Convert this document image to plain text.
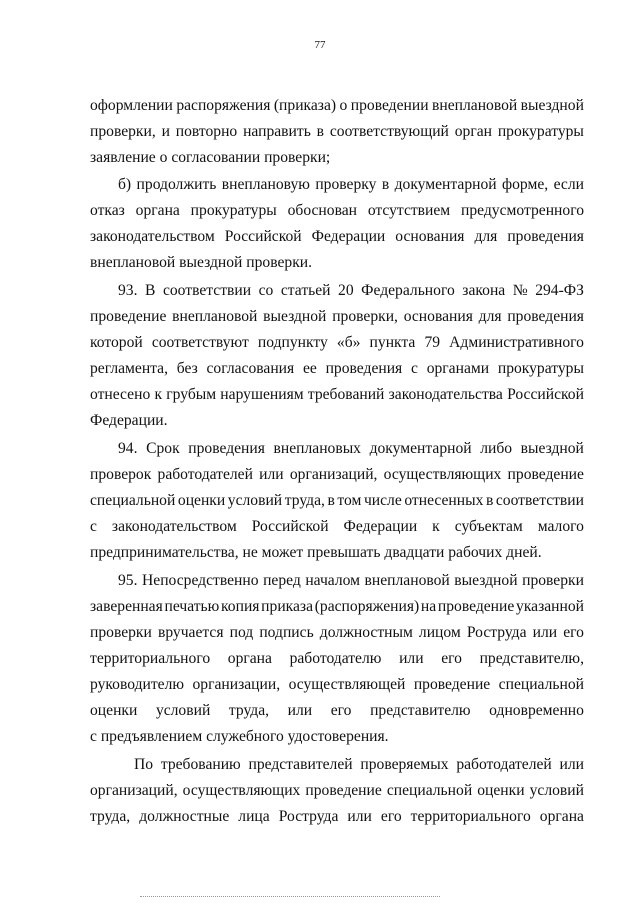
77
оформлении распоряжения (приказа) о проведении внеплановой выездной
проверки, и повторно направить в соответствующий орган прокуратуры
заявление о согласовании проверки;
б) продолжить внеплановую проверку в документарной форме, если
отказ органа прокуратуры обоснован отсутствием предусмотренного
законодательством Российской Федерации основания для проведения
внеплановой выездной проверки.
93. В соответствии со статьей 20 Федерального закона № 294-ФЗ
проведение внеплановой выездной проверки, основания для проведения
которой соответствуют подпункту «б» пункта 79 Административного
регламента, без согласования ее проведения с органами прокуратуры
отнесено к грубым нарушениям требований законодательства Российской
Федерации.
94. Срок проведения внеплановых документарной либо выездной
проверок работодателей или организаций, осуществляющих проведение
специальной оценки условий труда, в том числе отнесенных в соответствии
с законодательством Российской Федерации к субъектам малого
предпринимательства, не может превышать двадцати рабочих дней.
95. Непосредственно перед началом внеплановой выездной проверки
заверенная печатью копия приказа (распоряжения) на проведение указанной
проверки вручается под подпись должностным лицом Роструда или его
территориального органа работодателю или его представителю,
руководителю организации, осуществляющей проведение специальной
оценки условий труда, или его представителю одновременно
с предъявлением служебного удостоверения.
По требованию представителей проверяемых работодателей или
организаций, осуществляющих проведение специальной оценки условий
труда, должностные лица Роструда или его территориального органа
